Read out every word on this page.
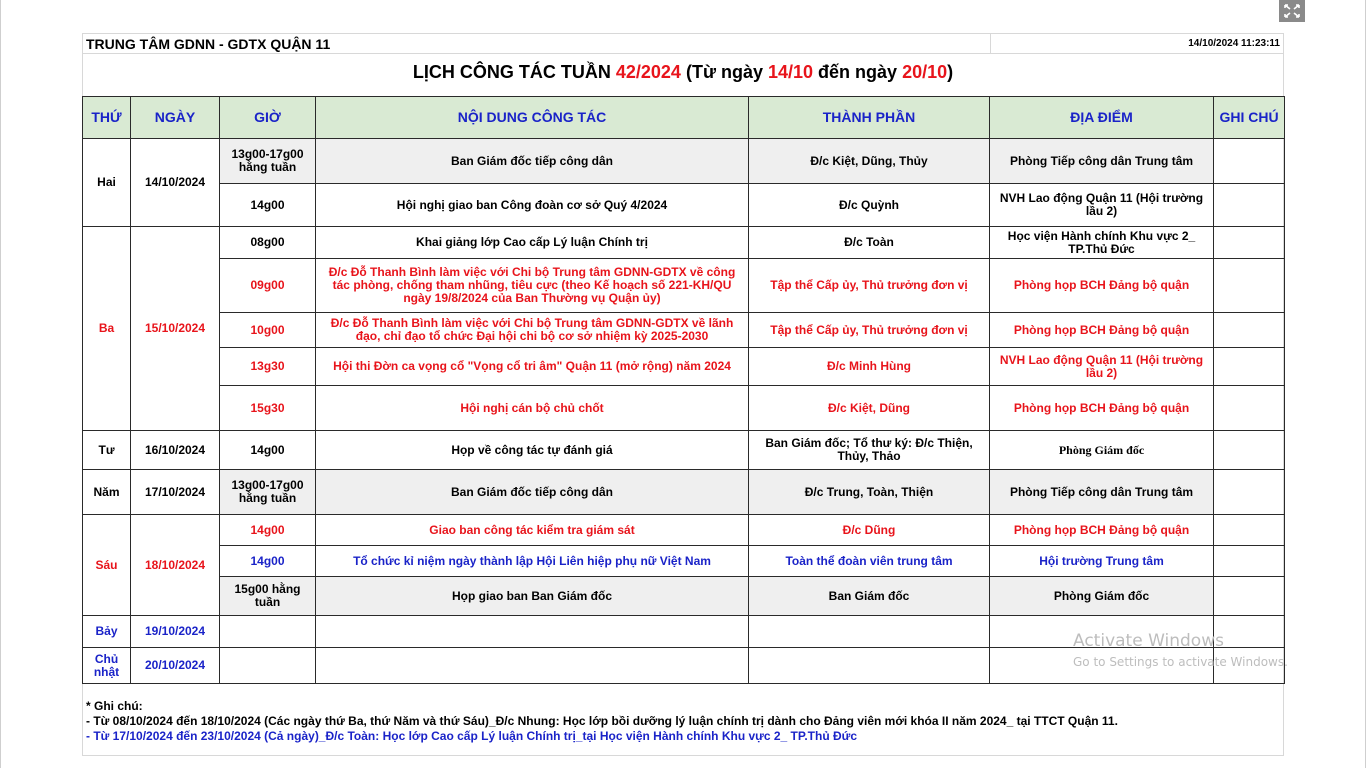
TRUNG TÂM GDNN - GDTX QUẬN 11	14/10/2024 11:23:11
LỊCH CÔNG TÁC TUẦN 42/2024 (Từ ngày 14/10 đến ngày 20/10)
THỨ	NGÀY	GIỜ	NỘI DUNG CÔNG TÁC	THÀNH PHẦN	ĐỊA ĐIỂM	GHI CHÚ
Hai	14/10/2024	13g00-17g00 hằng tuần	Ban Giám đốc tiếp công dân	Đ/c Kiệt, Dũng, Thủy	Phòng Tiếp công dân Trung tâm	
		14g00	Hội nghị giao ban Công đoàn cơ sở Quý 4/2024	Đ/c Quỳnh	NVH Lao động Quận 11 (Hội trường lầu 2)	
Ba	15/10/2024	08g00	Khai giảng lớp Cao cấp Lý luận Chính trị	Đ/c Toàn	Học viện Hành chính Khu vực 2_ TP.Thủ Đức	
		09g00	Đ/c Đỗ Thanh Bình làm việc với Chi bộ Trung tâm GDNN-GDTX về công tác phòng, chống tham nhũng, tiêu cực (theo Kế hoạch số 221-KH/QU ngày 19/8/2024 của Ban Thường vụ Quận ủy)	Tập thể Cấp ủy, Thủ trưởng đơn vị	Phòng họp BCH Đảng bộ quận	
		10g00	Đ/c Đỗ Thanh Bình làm việc với Chi bộ Trung tâm GDNN-GDTX về lãnh đạo, chỉ đạo tổ chức Đại hội chi bộ cơ sở nhiệm kỳ 2025-2030	Tập thể Cấp ủy, Thủ trưởng đơn vị	Phòng họp BCH Đảng bộ quận	
		13g30	Hội thi Đờn ca vọng cổ "Vọng cổ tri âm" Quận 11 (mở rộng) năm 2024	Đ/c Minh Hùng	NVH Lao động Quận 11 (Hội trường lầu 2)	
		15g30	Hội nghị cán bộ chủ chốt	Đ/c Kiệt, Dũng	Phòng họp BCH Đảng bộ quận	
Tư	16/10/2024	14g00	Họp về công tác tự đánh giá	Ban Giám đốc; Tổ thư ký: Đ/c Thiện, Thủy, Thảo	Phòng Giám đốc	
Năm	17/10/2024	13g00-17g00 hằng tuần	Ban Giám đốc tiếp công dân	Đ/c Trung, Toàn, Thiện	Phòng Tiếp công dân Trung tâm	
Sáu	18/10/2024	14g00	Giao ban công tác kiểm tra giám sát	Đ/c Dũng	Phòng họp BCH Đảng bộ quận	
		14g00	Tổ chức kỉ niệm ngày thành lập Hội Liên hiệp phụ nữ Việt Nam	Toàn thể đoàn viên trung tâm	Hội trường Trung tâm	
		15g00 hằng tuần	Họp giao ban Ban Giám đốc	Ban Giám đốc	Phòng Giám đốc	
Bảy	19/10/2024					
Chủ nhật	20/10/2024					
* Ghi chú:
- Từ 08/10/2024 đến 18/10/2024 (Các ngày thứ Ba, thứ Năm và thứ Sáu)_Đ/c Nhung: Học lớp bồi dưỡng lý luận chính trị dành cho Đảng viên mới khóa II năm 2024_ tại TTCT Quận 11.
- Từ 17/10/2024 đến 23/10/2024 (Cả ngày)_Đ/c Toàn: Học lớp Cao cấp Lý luận Chính trị_tại Học viện Hành chính Khu vực 2_ TP.Thủ Đức
Activate Windows
Go to Settings to activate Windows.
